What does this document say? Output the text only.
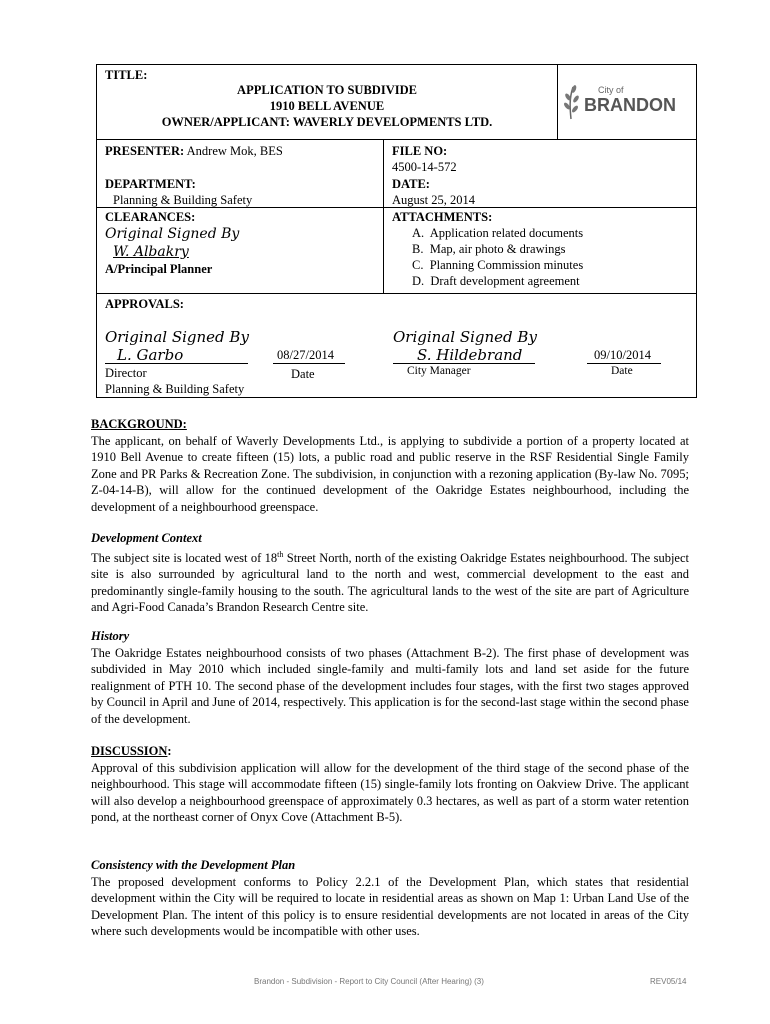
TITLE:
APPLICATION TO SUBDIVIDE
1910 BELL AVENUE
OWNER/APPLICANT: WAVERLY DEVELOPMENTS LTD.
City of
BRANDON
PRESENTER: Andrew Mok, BES	FILE NO:
4500-14-572
DEPARTMENT:
Planning & Building Safety
DATE:
August 25, 2014
CLEARANCES:
Original Signed By
W. Albakry
A/Principal Planner
ATTACHMENTS:
A.  Application related documents
B.  Map, air photo & drawings
C.  Planning Commission minutes
D.  Draft development agreement
APPROVALS:
Original Signed By
L. Garbo	08/27/2014
Date
Director
Planning & Building Safety
Original Signed By
S. Hildebrand	09/10/2014
Date
City Manager
BACKGROUND:
The applicant, on behalf of Waverly Developments Ltd., is applying to subdivide a portion of a property located at 1910 Bell Avenue to create fifteen (15) lots, a public road and public reserve in the RSF Residential Single Family Zone and PR Parks & Recreation Zone. The subdivision, in conjunction with a rezoning application (By-law No. 7095; Z-04-14-B), will allow for the continued development of the Oakridge Estates neighbourhood, including the development of a neighbourhood greenspace.
Development Context
The subject site is located west of 18th Street North, north of the existing Oakridge Estates neighbourhood. The subject site is also surrounded by agricultural land to the north and west, commercial development to the east and predominantly single-family housing to the south. The agricultural lands to the west of the site are part of Agriculture and Agri-Food Canada’s Brandon Research Centre site.
History
The Oakridge Estates neighbourhood consists of two phases (Attachment B-2). The first phase of development was subdivided in May 2010 which included single-family and multi-family lots and land set aside for the future realignment of PTH 10. The second phase of the development includes four stages, with the first two stages approved by Council in April and June of 2014, respectively. This application is for the second-last stage within the second phase of the development.
DISCUSSION:
Approval of this subdivision application will allow for the development of the third stage of the second phase of the neighbourhood. This stage will accommodate fifteen (15) single-family lots fronting on Oakview Drive. The applicant will also develop a neighbourhood greenspace of approximately 0.3 hectares, as well as part of a storm water retention pond, at the northeast corner of Onyx Cove (Attachment B-5).
Consistency with the Development Plan
The proposed development conforms to Policy 2.2.1 of the Development Plan, which states that residential development within the City will be required to locate in residential areas as shown on Map 1: Urban Land Use of the Development Plan. The intent of this policy is to ensure residential developments are not located in areas of the City where such developments would be incompatible with other uses.
Brandon - Subdivision - Report to City Council (After Hearing) (3)	REV05/14
